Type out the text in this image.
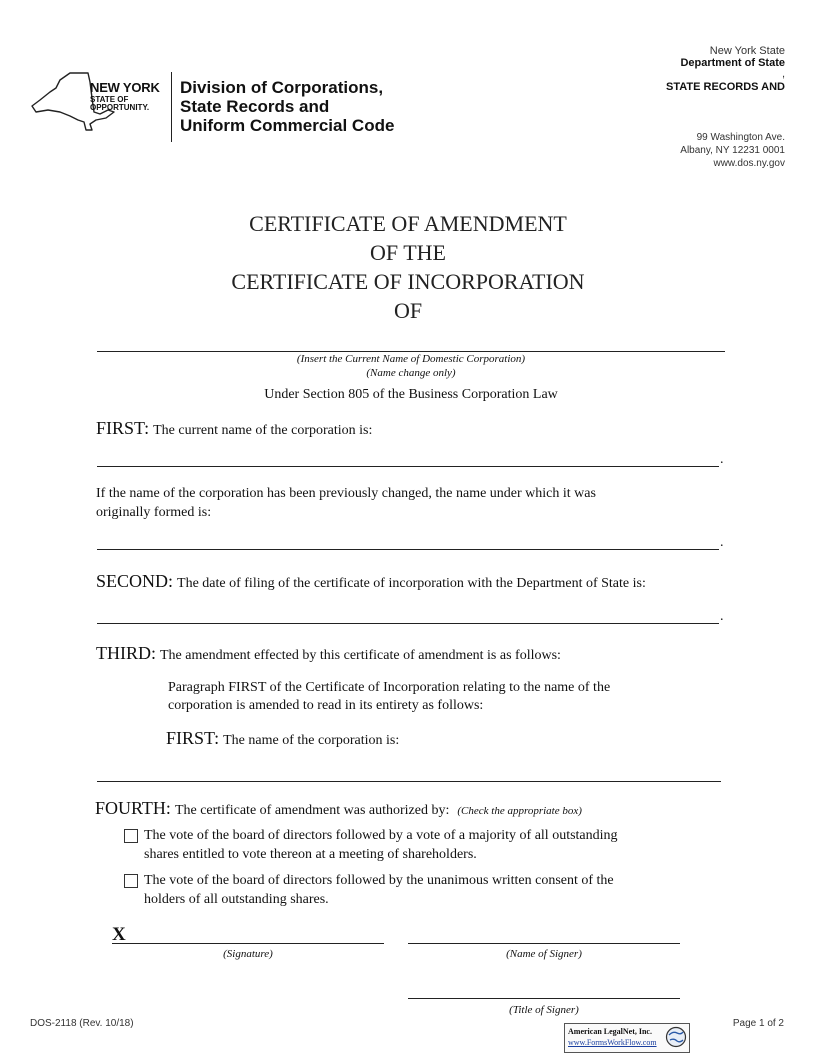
NEW YORK
STATE OF
OPPORTUNITY.
Division of Corporations,
State Records and
Uniform Commercial Code
New York State
Department of State
,
STATE RECORDS AND
99 Washington Ave.
Albany, NY 12231 0001
www.dos.ny.gov
CERTIFICATE OF AMENDMENT
OF THE
CERTIFICATE OF INCORPORATION
OF
(Insert the Current Name of Domestic Corporation)
(Name change only)
Under Section 805 of the Business Corporation Law
FIRST: The current name of the corporation is:
.
If the name of the corporation has been previously changed, the name under which it was
originally formed is:
.
SECOND: The date of filing of the certificate of incorporation with the Department of State is:
.
THIRD: The amendment effected by this certificate of amendment is as follows:
Paragraph FIRST of the Certificate of Incorporation relating to the name of the
corporation is amended to read in its entirety as follows:
FIRST: The name of the corporation is:
FOURTH: The certificate of amendment was authorized by: (Check the appropriate box)
The vote of the board of directors followed by a vote of a majority of all outstanding
shares entitled to vote thereon at a meeting of shareholders.
The vote of the board of directors followed by the unanimous written consent of the
holders of all outstanding shares.
X
(Signature)	(Name of Signer)
(Title of Signer)
DOS-2118 (Rev. 10/18)	Page 1 of 2
American LegalNet, Inc.
www.FormsWorkFlow.com
